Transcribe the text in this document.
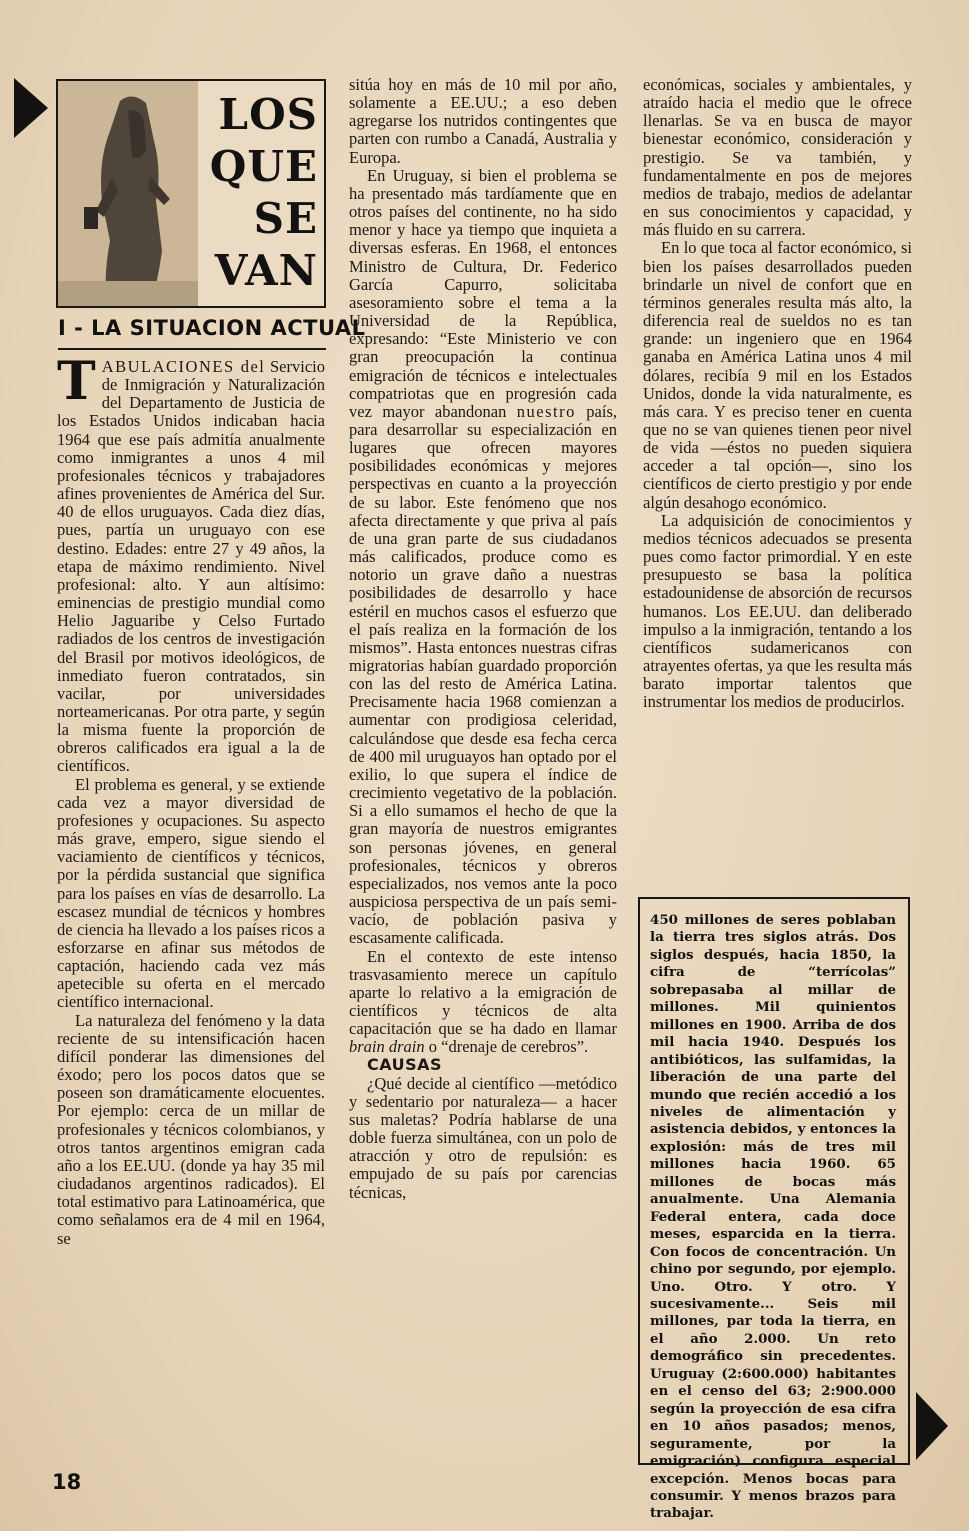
LOS
QUE
SE
VAN
I - LA SITUACION ACTUAL

TABULACIONES del Servicio de Inmigración y Naturalización del Departamento de Justicia de los Estados Unidos indicaban hacia 1964 que ese país admitía anualmente como inmigrantes a unos 4 mil profesionales técnicos y trabajadores afines provenientes de América del Sur. 40 de ellos uruguayos. Cada diez días, pues, partía un uruguayo con ese destino. Edades: entre 27 y 49 años, la etapa de máximo rendimiento. Nivel profesional: alto. Y aun altísimo: eminencias de prestigio mundial como Helio Jaguaribe y Celso Furtado radiados de los centros de investigación del Brasil por motivos ideológicos, de inmediato fueron contratados, sin vacilar, por universidades norteamericanas. Por otra parte, y según la misma fuente la proporción de obreros calificados era igual a la de científicos.

El problema es general, y se extiende cada vez a mayor diversidad de profesiones y ocupaciones. Su aspecto más grave, empero, sigue siendo el vaciamiento de científicos y técnicos, por la pérdida sustancial que significa para los países en vías de desarrollo. La escasez mundial de técnicos y hombres de ciencia ha llevado a los países ricos a esforzarse en afinar sus métodos de captación, haciendo cada vez más apetecible su oferta en el mercado científico internacional.

La naturaleza del fenómeno y la data reciente de su intensificación hacen difícil ponderar las dimensiones del éxodo; pero los pocos datos que se poseen son dramáticamente elocuentes. Por ejemplo: cerca de un millar de profesionales y técnicos colombianos, y otros tantos argentinos emigran cada año a los EE.UU. (donde ya hay 35 mil ciudadanos argentinos radicados). El total estimativo para Latinoamérica, que como señalamos era de 4 mil en 1964, se

sitúa hoy en más de 10 mil por año, solamente a EE.UU.; a eso deben agregarse los nutridos contingentes que parten con rumbo a Canadá, Australia y Europa.

En Uruguay, si bien el problema se ha presentado más tardíamente que en otros países del continente, no ha sido menor y hace ya tiempo que inquieta a diversas esferas. En 1968, el entonces Ministro de Cultura, Dr. Federico García Capurro, solicitaba asesoramiento sobre el tema a la Universidad de la República, expresando: “Este Ministerio ve con gran preocupación la continua emigración de técnicos e intelectuales compatriotas que en progresión cada vez mayor abandonan nuestro país, para desarrollar su especialización en lugares que ofrecen mayores posibilidades económicas y mejores perspectivas en cuanto a la proyección de su labor. Este fenómeno que nos afecta directamente y que priva al país de una gran parte de sus ciudadanos más calificados, produce como es notorio un grave daño a nuestras posibilidades de desarrollo y hace estéril en muchos casos el esfuerzo que el país realiza en la formación de los mismos”. Hasta entonces nuestras cifras migratorias habían guardado proporción con las del resto de América Latina. Precisamente hacia 1968 comienzan a aumentar con prodigiosa celeridad, calculándose que desde esa fecha cerca de 400 mil uruguayos han optado por el exilio, lo que supera el índice de crecimiento vegetativo de la población. Si a ello sumamos el hecho de que la gran mayoría de nuestros emigrantes son personas jóvenes, en general profesionales, técnicos y obreros especializados, nos vemos ante la poco auspiciosa perspectiva de un país semi-vacío, de población pasiva y escasamente calificada.

En el contexto de este intenso trasvasamiento merece un capítulo aparte lo relativo a la emigración de científicos y técnicos de alta capacitación que se ha dado en llamar brain drain o “drenaje de cerebros”.

CAUSAS

¿Qué decide al científico —metódico y sedentario por naturaleza— a hacer sus maletas? Podría hablarse de una doble fuerza simultánea, con un polo de atracción y otro de repulsión: es empujado de su país por carencias técnicas,

económicas, sociales y ambientales, y atraído hacia el medio que le ofrece llenarlas. Se va en busca de mayor bienestar económico, consideración y prestigio. Se va también, y fundamentalmente en pos de mejores medios de trabajo, medios de adelantar en sus conocimientos y capacidad, y más fluido en su carrera.

En lo que toca al factor económico, si bien los países desarrollados pueden brindarle un nivel de confort que en términos generales resulta más alto, la diferencia real de sueldos no es tan grande: un ingeniero que en 1964 ganaba en América Latina unos 4 mil dólares, recibía 9 mil en los Estados Unidos, donde la vida naturalmente, es más cara. Y es preciso tener en cuenta que no se van quienes tienen peor nivel de vida —éstos no pueden siquiera acceder a tal opción—, sino los científicos de cierto prestigio y por ende algún desahogo económico.

La adquisición de conocimientos y medios técnicos adecuados se presenta pues como factor primordial. Y en este presupuesto se basa la política estadounidense de absorción de recursos humanos. Los EE.UU. dan deliberado impulso a la inmigración, tentando a los científicos sudamericanos con atrayentes ofertas, ya que les resulta más barato importar talentos que instrumentar los medios de producirlos.

450 millones de seres poblaban la tierra tres siglos atrás. Dos siglos después, hacia 1850, la cifra de “terrícolas” sobrepasaba al millar de millones. Mil quinientos millones en 1900. Arriba de dos mil hacia 1940. Después los antibióticos, las sulfamidas, la liberación de una parte del mundo que recién accedió a los niveles de alimentación y asistencia debidos, y entonces la explosión: más de tres mil millones hacia 1960. 65 millones de bocas más anualmente. Una Alemania Federal entera, cada doce meses, esparcida en la tierra. Con focos de concentración. Un chino por segundo, por ejemplo. Uno. Otro. Y otro. Y sucesivamente... Seis mil millones, par toda la tierra, en el año 2.000. Un reto demográfico sin precedentes. Uruguay (2:600.000) habitantes en el censo del 63; 2:900.000 según la proyección de esa cifra en 10 años pasados; menos, seguramente, por la emigración) configura especial excepción. Menos bocas para consumir. Y menos brazos para trabajar.
18
